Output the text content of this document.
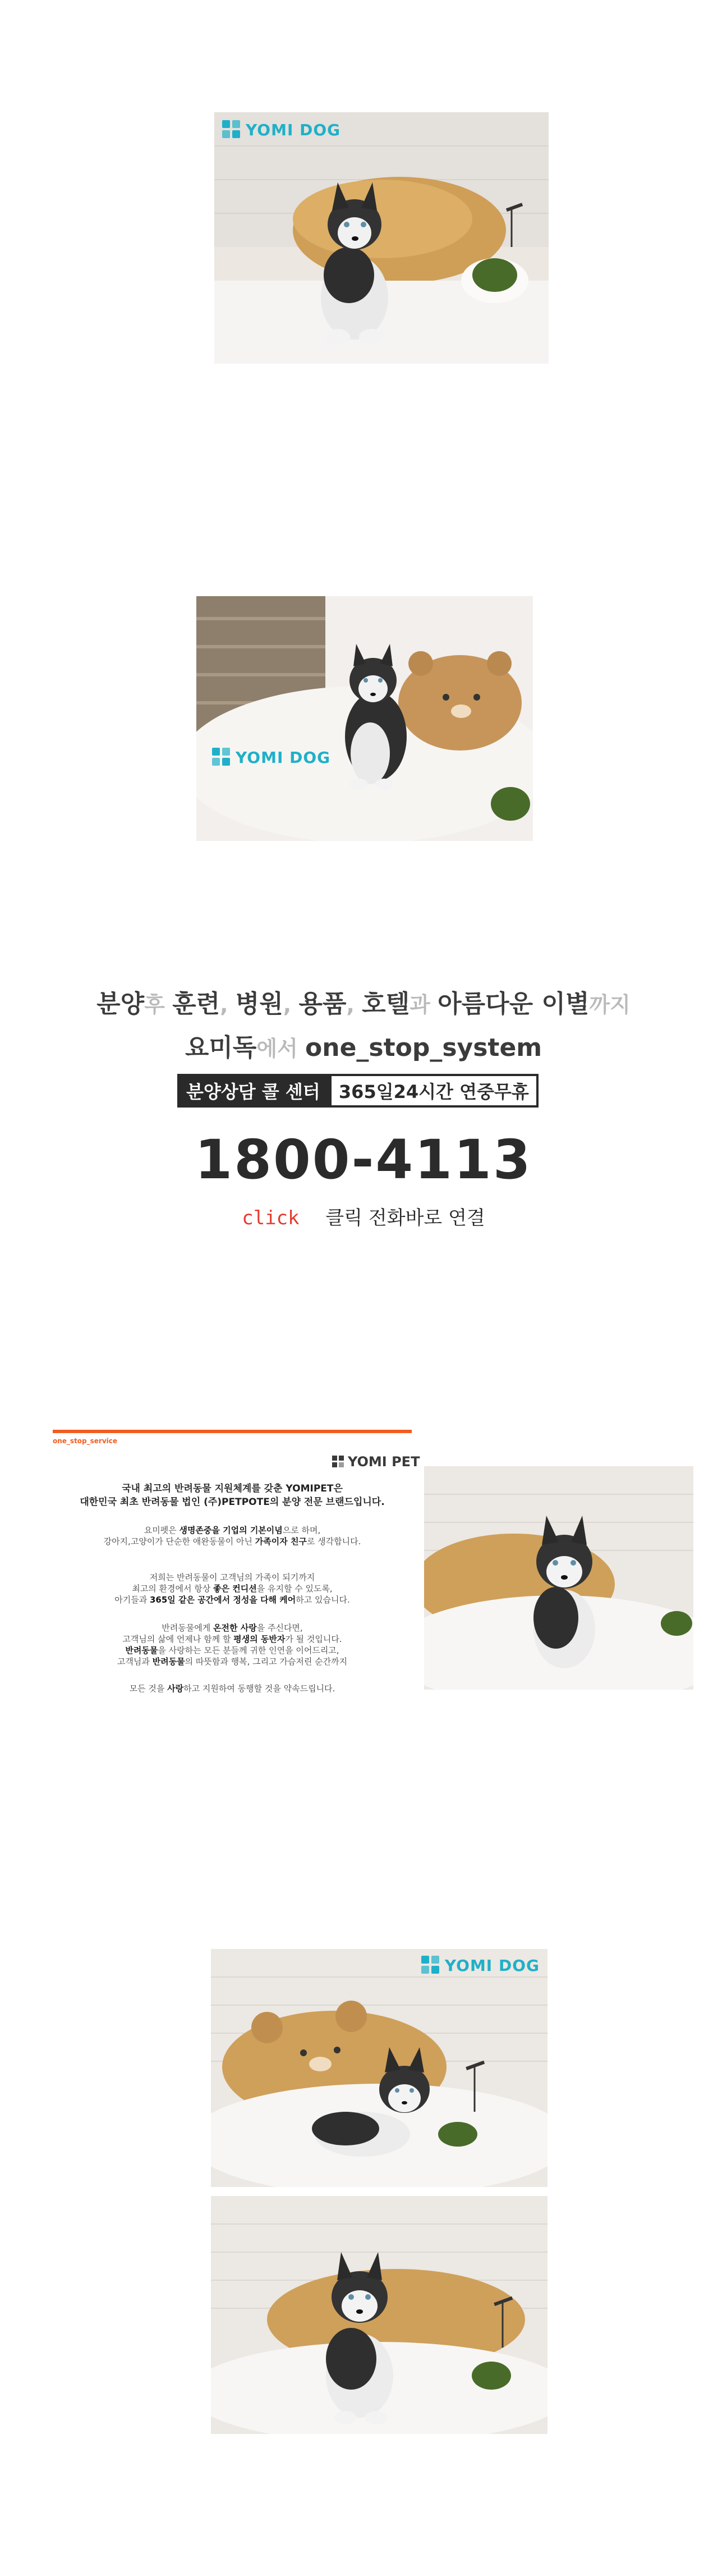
YOMI DOG
YOMI DOG
분양후 훈련, 병원, 용품, 호텔과 아름다운 이별까지
요미독에서 one_stop_system
분양상담 콜 센터	365일24시간 연중무휴
1800-4113
click 클릭 전화바로 연결
one_stop_service
YOMI PET
국내 최고의 반려동물 지원체계를 갖춘 YOMIPET은
대한민국 최초 반려동물 법인 (주)PETPOTE의 분양 전문 브랜드입니다.
요미펫은 생명존중을 기업의 기본이념으로 하며,
강아지,고양이가 단순한 애완동물이 아닌 가족이자 친구로 생각합니다.
저희는 반려동물이 고객님의 가족이 되기까지
최고의 환경에서 항상 좋은 컨디션을 유지할 수 있도록,
아기들과 365일 같은 공간에서 정성을 다해 케어하고 있습니다.
반려동물에게 온전한 사랑을 주신다면,
고객님의 삶에 언제나 함께 할 평생의 동반자가 될 것입니다.
반려동물을 사랑하는 모든 분들께 귀한 인연을 이어드리고,
고객님과 반려동물의 따뜻함과 행복, 그리고 가슴저린 순간까지
모든 것을 사랑하고 지원하여 동행할 것을 약속드립니다.
YOMI DOG
